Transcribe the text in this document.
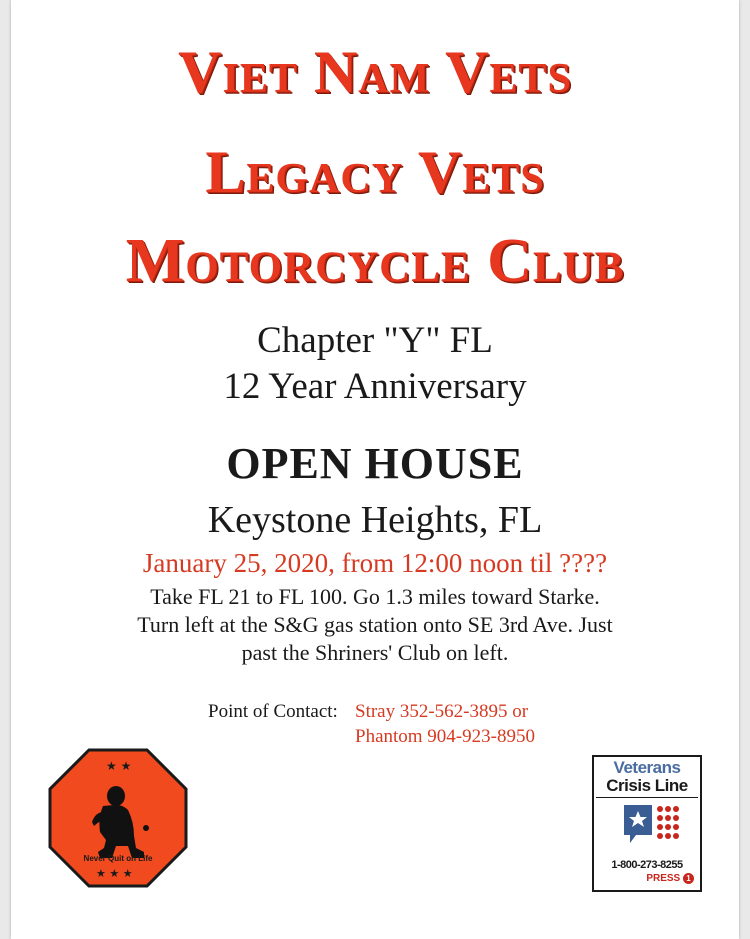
Viet Nam Vets
Legacy Vets
Motorcycle Club
Chapter "Y" FL
12 Year Anniversary
OPEN HOUSE
Keystone Heights, FL
January 25, 2020, from 12:00 noon til ????
Take FL 21 to FL 100. Go 1.3 miles toward Starke.
Turn left at the S&G gas station onto SE 3rd Ave. Just
past the Shriners' Club on left.
Point of Contact: Stray 352-562-3895 or
Phantom 904-923-8950
★ ★
Never Quit on Life
★ ★ ★
Veterans
Crisis Line
1-800-273-8255
PRESS 1
